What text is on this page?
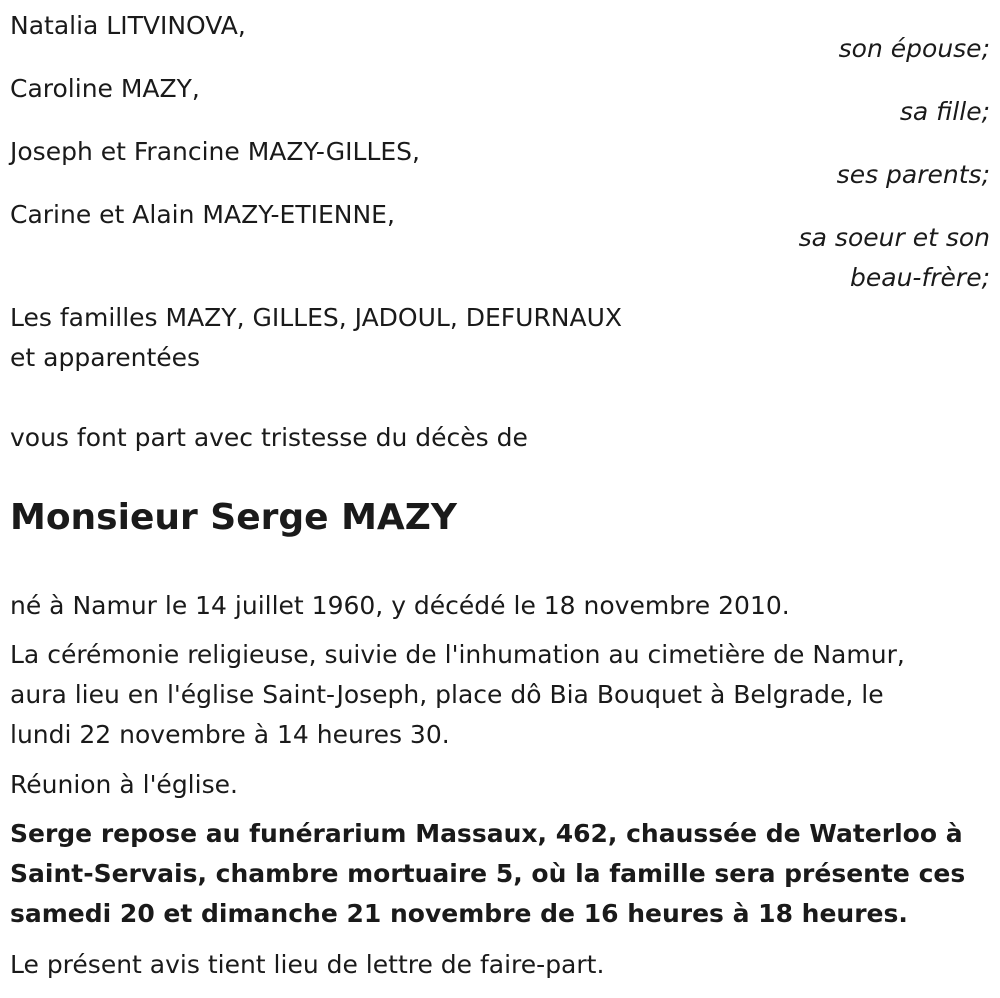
Natalia LITVINOVA,
son épouse;
Caroline MAZY,
sa fille;
Joseph et Francine MAZY-GILLES,
ses parents;
Carine et Alain MAZY-ETIENNE,
sa soeur et son
beau-frère;
Les familles MAZY, GILLES, JADOUL, DEFURNAUX
et apparentées
vous font part avec tristesse du décès de
Monsieur Serge MAZY
né à Namur le 14 juillet 1960, y décédé le 18 novembre 2010.
La cérémonie religieuse, suivie de l'inhumation au cimetière de Namur,
aura lieu en l'église Saint-Joseph, place dô Bia Bouquet à Belgrade, le
lundi 22 novembre à 14 heures 30.
Réunion à l'église.
Serge repose au funérarium Massaux, 462, chaussée de Waterloo à
Saint-Servais, chambre mortuaire 5, où la famille sera présente ces
samedi 20 et dimanche 21 novembre de 16 heures à 18 heures.
Le présent avis tient lieu de lettre de faire-part.
